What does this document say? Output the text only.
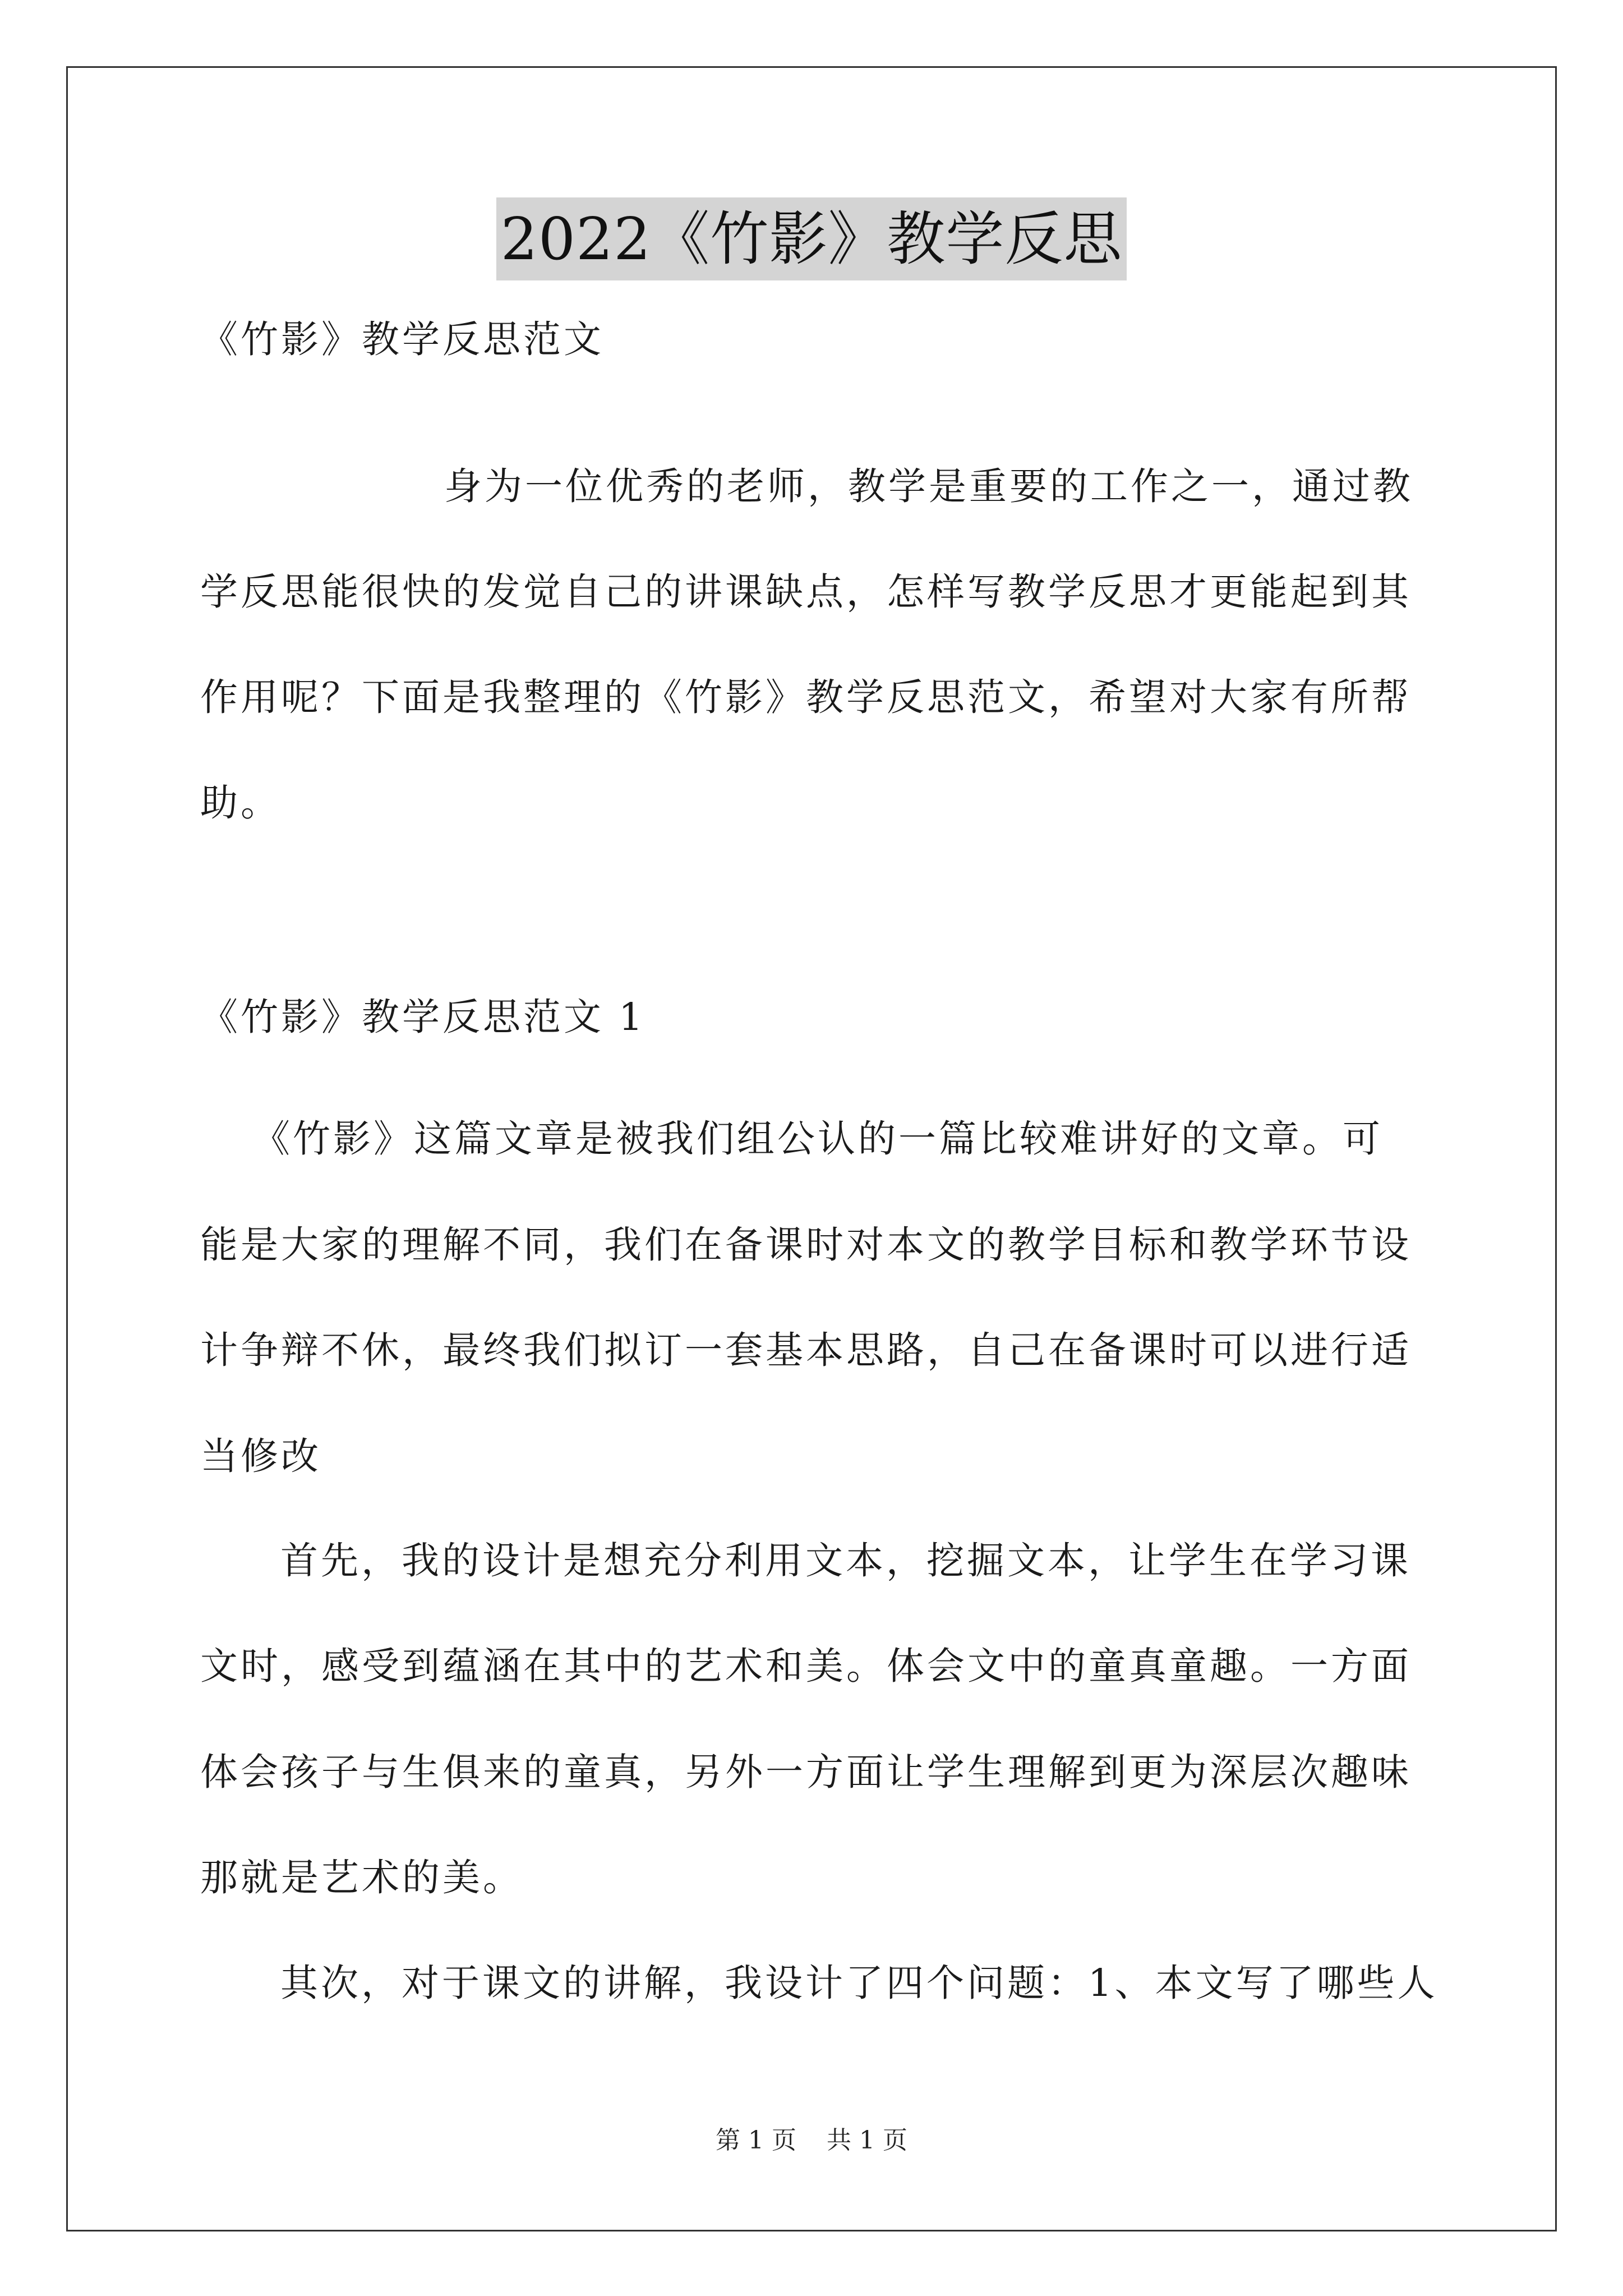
2022《竹影》教学反思
《竹影》教学反思范文
身为一位优秀的老师，教学是重要的工作之一，通过教
学反思能很快的发觉自己的讲课缺点，怎样写教学反思才更能起到其
作用呢？下面是我整理的《竹影》教学反思范文，希望对大家有所帮
助。
《竹影》教学反思范文 1
《竹影》这篇文章是被我们组公认的一篇比较难讲好的文章。可
能是大家的理解不同，我们在备课时对本文的教学目标和教学环节设
计争辩不休，最终我们拟订一套基本思路，自己在备课时可以进行适
当修改
首先，我的设计是想充分利用文本，挖掘文本，让学生在学习课
文时，感受到蕴涵在其中的艺术和美。体会文中的童真童趣。一方面
体会孩子与生俱来的童真，另外一方面让学生理解到更为深层次趣味
那就是艺术的美。
其次，对于课文的讲解，我设计了四个问题：1、本文写了哪些人
第 1 页 共 1 页
